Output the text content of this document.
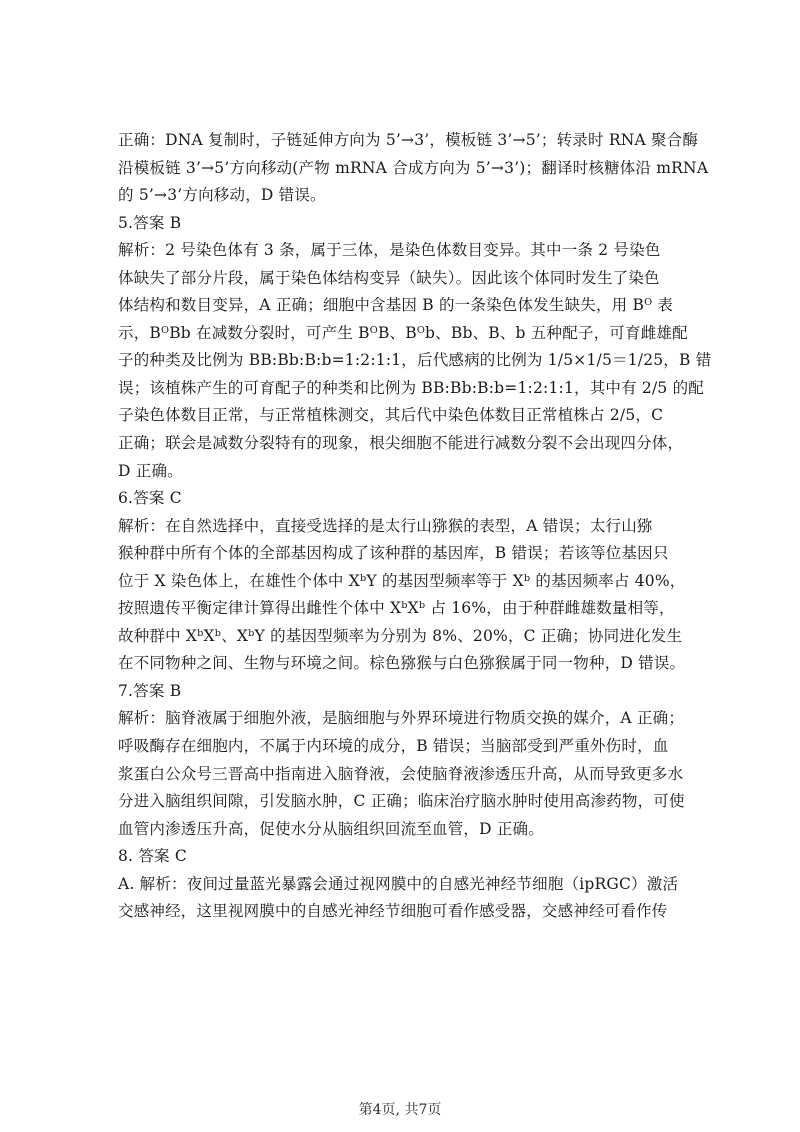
正确：DNA 复制时，子链延伸方向为 5’→3’，模板链 3’→5’；转录时 RNA 聚合酶
沿模板链 3’→5’方向移动(产物 mRNA 合成方向为 5’→3’)；翻译时核糖体沿 mRNA
的 5’→3’方向移动，D 错误。
5.答案 B
解析：2 号染色体有 3 条，属于三体，是染色体数目变异。其中一条 2 号染色
体缺失了部分片段，属于染色体结构变异（缺失）。因此该个体同时发生了染色
体结构和数目变异，A 正确；细胞中含基因 B 的一条染色体发生缺失，用 Bᴼ 表
示，BᴼBb 在减数分裂时，可产生 BᴼB、Bᴼb、Bb、B、b 五种配子，可育雌雄配
子的种类及比例为 BB:Bb:B:b=1:2:1:1，后代感病的比例为 1/5×1/5＝1/25，B 错
误；该植株产生的可育配子的种类和比例为 BB:Bb:B:b=1:2:1:1，其中有 2/5 的配
子染色体数目正常，与正常植株测交，其后代中染色体数目正常植株占 2/5，C
正确；联会是减数分裂特有的现象，根尖细胞不能进行减数分裂不会出现四分体，
D 正确。
6.答案 C
解析：在自然选择中，直接受选择的是太行山猕猴的表型，A 错误；太行山猕
猴种群中所有个体的全部基因构成了该种群的基因库，B 错误；若该等位基因只
位于 X 染色体上，在雄性个体中 XᵇY 的基因型频率等于 Xᵇ 的基因频率占 40%，
按照遗传平衡定律计算得出雌性个体中 XᵇXᵇ 占 16%，由于种群雌雄数量相等，
故种群中 XᵇXᵇ、XᵇY 的基因型频率为分别为 8%、20%，C 正确；协同进化发生
在不同物种之间、生物与环境之间。棕色猕猴与白色猕猴属于同一物种，D 错误。
7.答案 B
解析：脑脊液属于细胞外液，是脑细胞与外界环境进行物质交换的媒介，A 正确；
呼吸酶存在细胞内，不属于内环境的成分，B 错误；当脑部受到严重外伤时，血
浆蛋白公众号三晋高中指南进入脑脊液，会使脑脊液渗透压升高，从而导致更多水
分进入脑组织间隙，引发脑水肿，C 正确；临床治疗脑水肿时使用高渗药物，可使
血管内渗透压升高，促使水分从脑组织回流至血管，D 正确。
8. 答案 C
A. 解析：夜间过量蓝光暴露会通过视网膜中的自感光神经节细胞（ipRGC）激活
交感神经，这里视网膜中的自感光神经节细胞可看作感受器，交感神经可看作传
第4页, 共7页
